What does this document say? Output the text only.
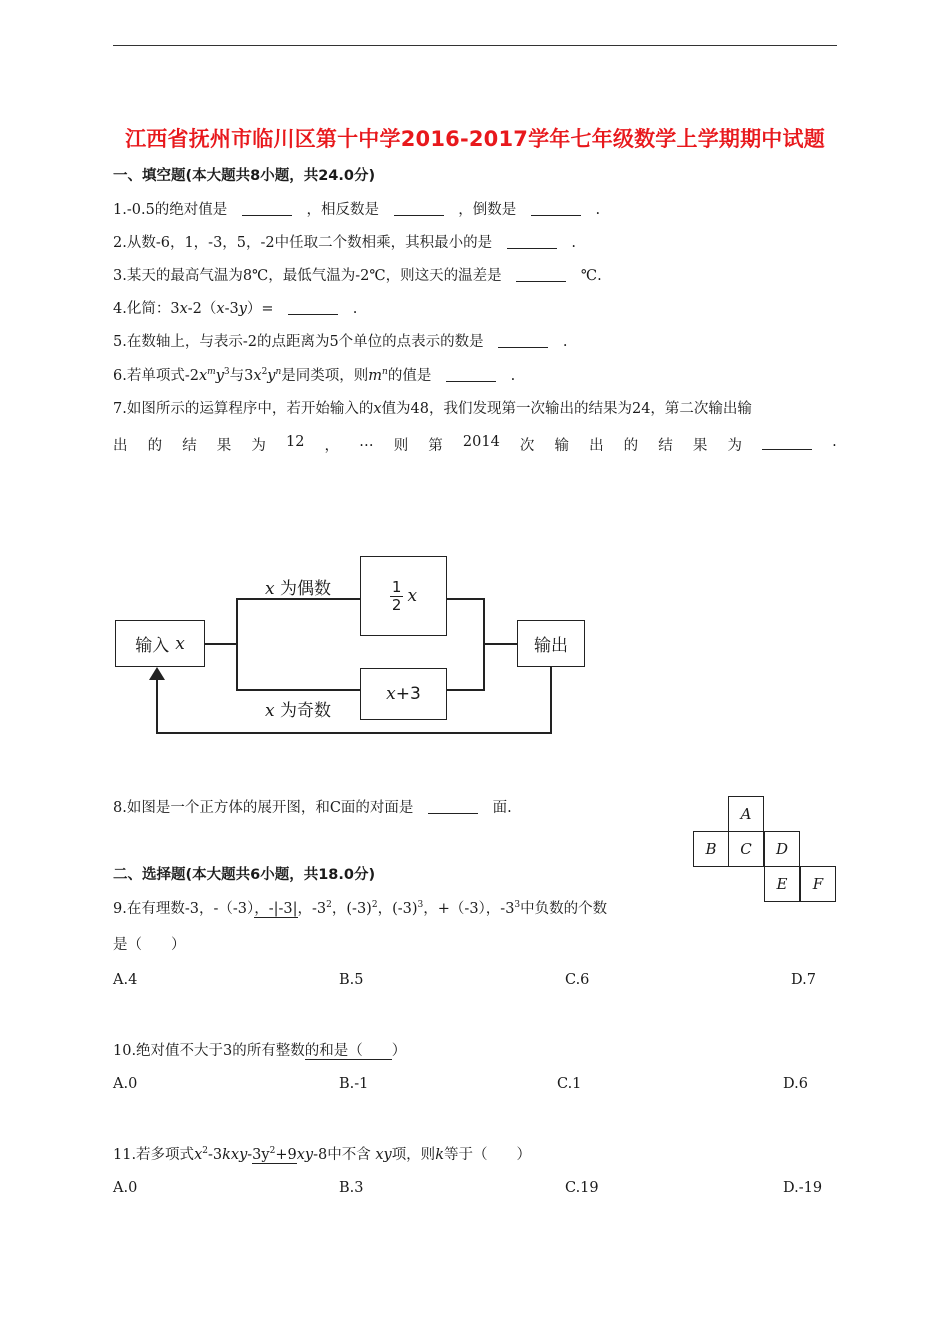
江西省抚州市临川区第十中学2016-2017学年七年级数学上学期期中试题
一、填空题(本大题共8小题，共24.0分)
1.-0.5的绝对值是	，相反数是	，倒数是	.
2.从数-6，1，-3，5，-2中任取二个数相乘，其积最小的是	.
3.某天的最高气温为8℃，最低气温为-2℃，则这天的温差是	℃.
4.化简：3x-2（x-3y）=	.
5.在数轴上，与表示-2的点距离为5个单位的点表示的数是	.
6.若单项式$-2x^my^3$与$3x^2y^n$是同类项，则$m^n$的值是	.
7.如图所示的运算程序中，若开始输入的x值为48，我们发现第一次输出的结果为24，第二次输出输
出 的 结 果 为 12 ， … 则 第 2014 次 输 出 的 结 果 为	.
输入 x	输出
1
2 x
x +3
x 为偶数
x 为奇数
8.如图是一个正方体的展开图，和C面的对面是	面.	A
B	C	D
E	F
二、选择题(本大题共6小题，共18.0分)
9.在有理数-3，-（-3），-|-3|，$-3^2$，$(-3)^2$，$(-3)^3$，+（-3），$-3^3$中负数的个数
是（　　）
A.4	B.5	C.6	D.7
10.绝对值不大于3的所有整数的和是（　　）
A.0	B.-1	C.1	D.6
11.若多项式$x^2-3kxy-3y^2+9xy-8$中不含 xy项，则k等于（　　）
A.0	B.3	C.19	D.-19
